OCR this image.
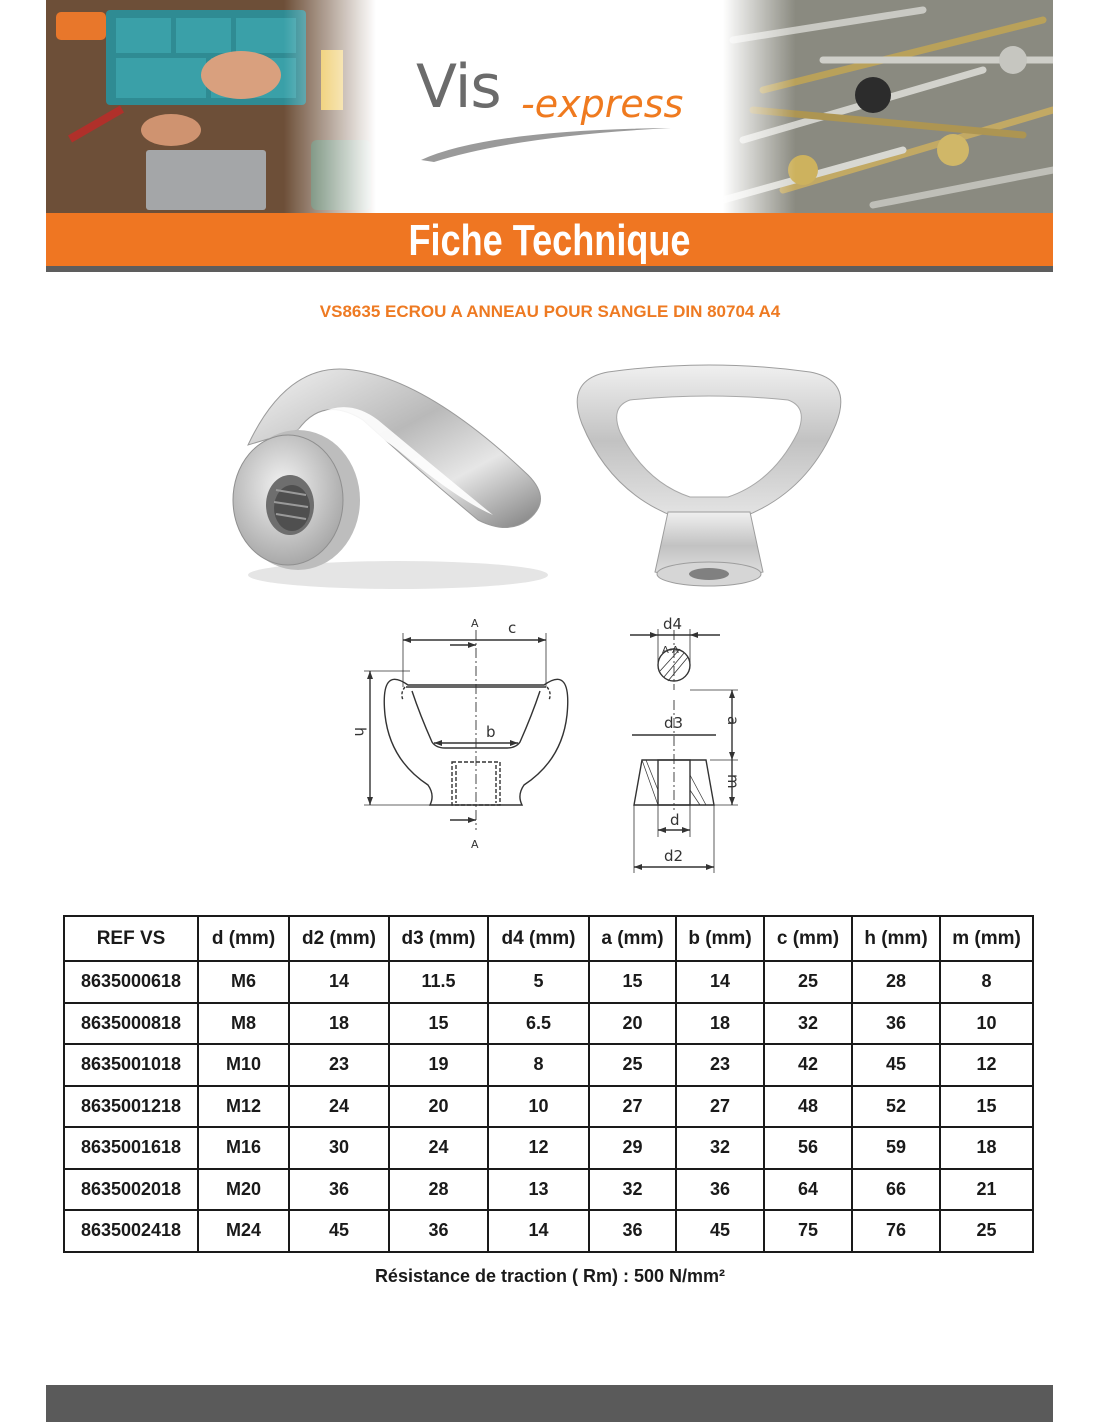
Vis -express
Fiche Technique
VS8635 ECROU A ANNEAU POUR SANGLE DIN 80704 A4
A c
h	b
A
d4
A-A
d3	a
m
d
d2
REF VS	d (mm)	d2 (mm)	d3 (mm)	d4 (mm)	a (mm)	b (mm)	c (mm)	h (mm)	m (mm)
8635000618	M6	14	11.5	5	15	14	25	28	8
8635000818	M8	18	15	6.5	20	18	32	36	10
8635001018	M10	23	19	8	25	23	42	45	12
8635001218	M12	24	20	10	27	27	48	52	15
8635001618	M16	30	24	12	29	32	56	59	18
8635002018	M20	36	28	13	32	36	64	66	21
8635002418	M24	45	36	14	36	45	75	76	25
Résistance de traction ( Rm) : 500 N/mm²
